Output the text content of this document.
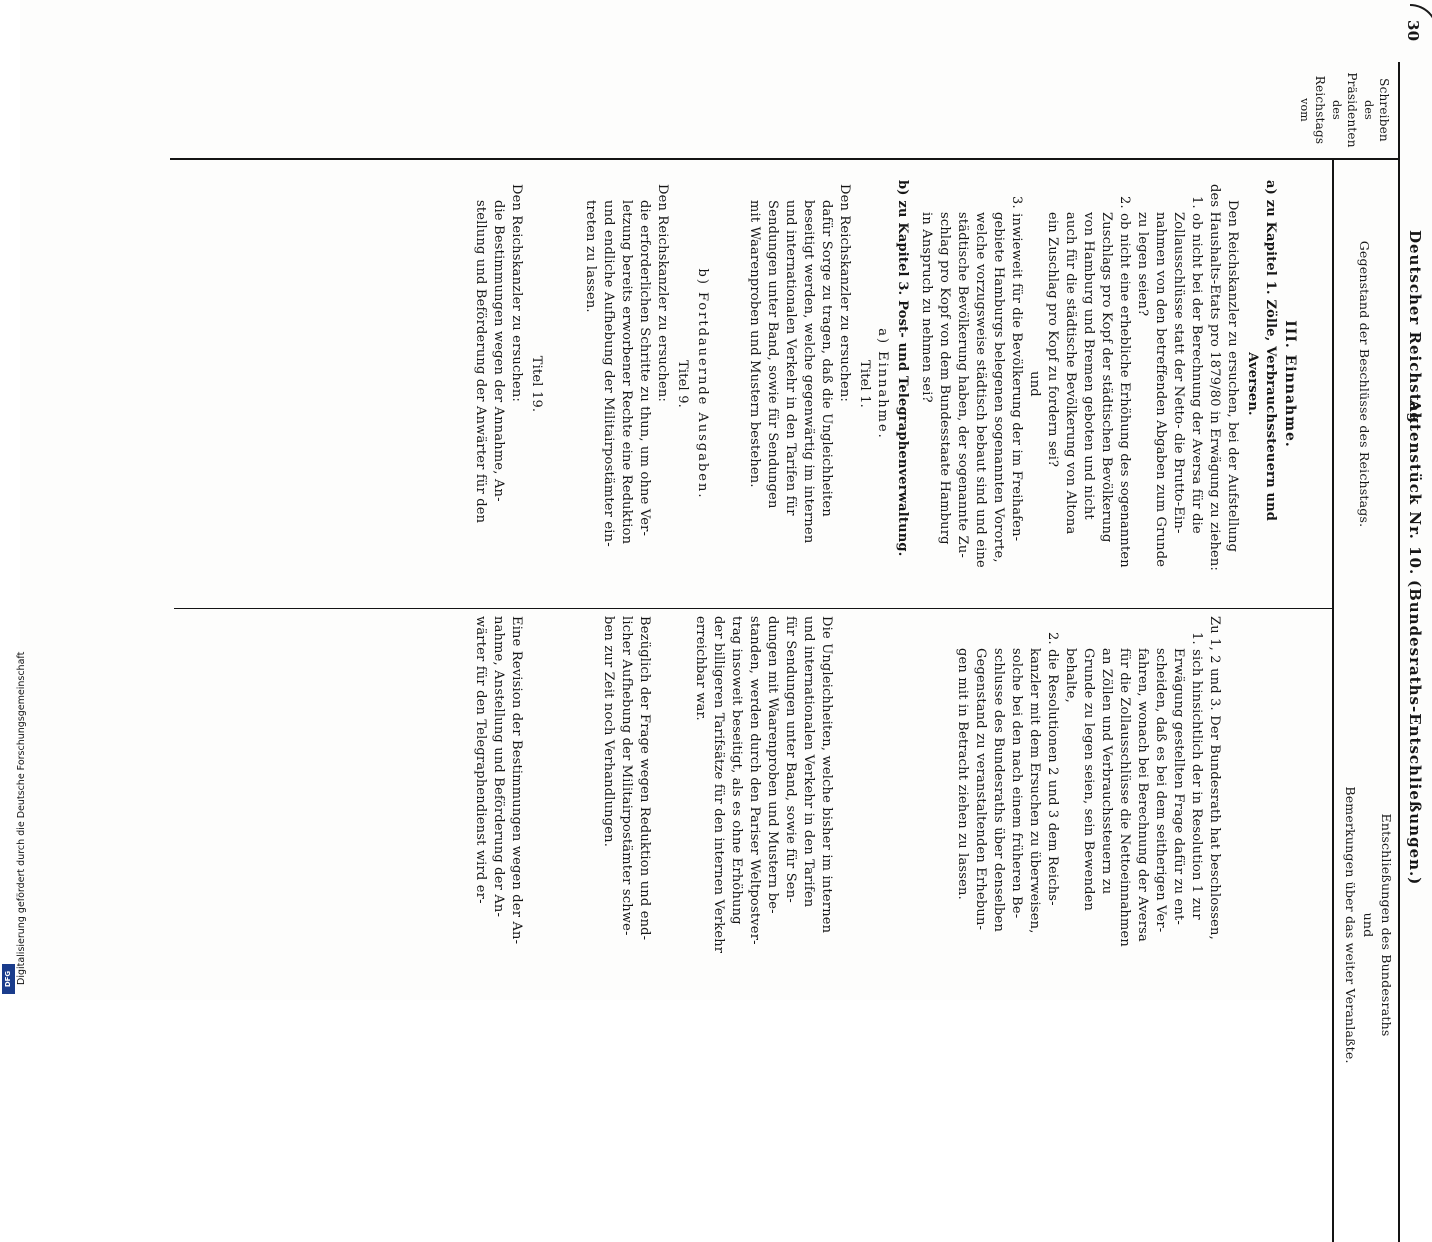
30
Deutscher Reichstag.
Aktenstück Nr. 10.
(Bundesraths-Entschließungen.)
Schreiben
des
Präsidenten
des
Reichstags
vom
Gegenstand der Beschlüsse des Reichstags.
Entschließungen des Bundesraths
und
Bemerkungen über das weiter Veranlaßte.
III. Einnahme.
a) zu Kapitel 1. Zölle, Verbrauchssteuern und
Aversen.
Den Reichskanzler zu ersuchen, bei der Aufstellung
des Haushalts-Etats pro 1879/80 in Erwägung zu ziehen:
1. ob nicht bei der Berechnung der Aversa für die
Zollausschlüsse statt der Netto- die Brutto-Ein-
nahmen von den betreffenden Abgaben zum Grunde
zu legen seien?
2. ob nicht eine erhebliche Erhöhung des sogenannten
Zuschlags pro Kopf der städtischen Bevölkerung
von Hamburg und Bremen geboten und nicht
auch für die städtische Bevölkerung von Altona
ein Zuschlag pro Kopf zu fordern sei?
und
3. inwieweit für die Bevölkerung der im Freihafen-
gebiete Hamburgs belegenen sogenannten Vororte,
welche vorzugsweise städtisch bebaut sind und eine
städtische Bevölkerung haben, der sogenannte Zu-
schlag pro Kopf von dem Bundesstaate Hamburg
in Anspruch zu nehmen sei?
b) zu Kapitel 3. Post- und Telegraphenverwaltung.
a) Einnahme.
Titel 1.
Den Reichskanzler zu ersuchen:
dafür Sorge zu tragen, daß die Ungleichheiten
beseitigt werden, welche gegenwärtig im internen
und internationalen Verkehr in den Tarifen für
Sendungen unter Band, sowie für Sendungen
mit Waarenproben und Mustern bestehen.
b) Fortdauernde Ausgaben.
Titel 9.
Den Reichskanzler zu ersuchen:
die erforderlichen Schritte zu thun, um ohne Ver-
letzung bereits erworbener Rechte eine Reduktion
und endliche Aufhebung der Militairpostämter ein-
treten zu lassen.
Titel 19.
Den Reichskanzler zu ersuchen:
die Bestimmungen wegen der Annahme, An-
stellung und Beförderung der Anwärter für den
Zu 1, 2 und 3. Der Bundesrath hat beschlossen,
1. sich hinsichtlich der in Resolution 1 zur
Erwägung gestellten Frage dafür zu ent-
scheiden, daß es bei dem seitherigen Ver-
fahren, wonach bei Berechnung der Aversa
für die Zollausschlüsse die Nettoeinnahmen
an Zöllen und Verbrauchssteuern zu
Grunde zu legen seien, sein Bewenden
behalte,
2. die Resolutionen 2 und 3 dem Reichs-
kanzler mit dem Ersuchen zu überweisen,
solche bei den nach einem früheren Be-
schlusse des Bundesraths über denselben
Gegenstand zu veranstaltenden Erhebun-
gen mit in Betracht ziehen zu lassen.
Die Ungleichheiten, welche bisher im internen
und internationalen Verkehr in den Tarifen
für Sendungen unter Band, sowie für Sen-
dungen mit Waarenproben und Mustern be-
standen, werden durch den Pariser Weltpostver-
trag insoweit beseitigt, als es ohne Erhöhung
der billigeren Tarifsätze für den internen Verkehr
erreichbar war.
Bezüglich der Frage wegen Reduktion und end-
licher Aufhebung der Militairpostämter schwe-
ben zur Zeit noch Verhandlungen.
Eine Revision der Bestimmungen wegen der An-
nahme, Anstellung und Beförderung der An-
wärter für den Telegraphendienst wird er-
Digitalisierung gefördert durch die Deutsche Forschungsgemeinschaft
DFG
